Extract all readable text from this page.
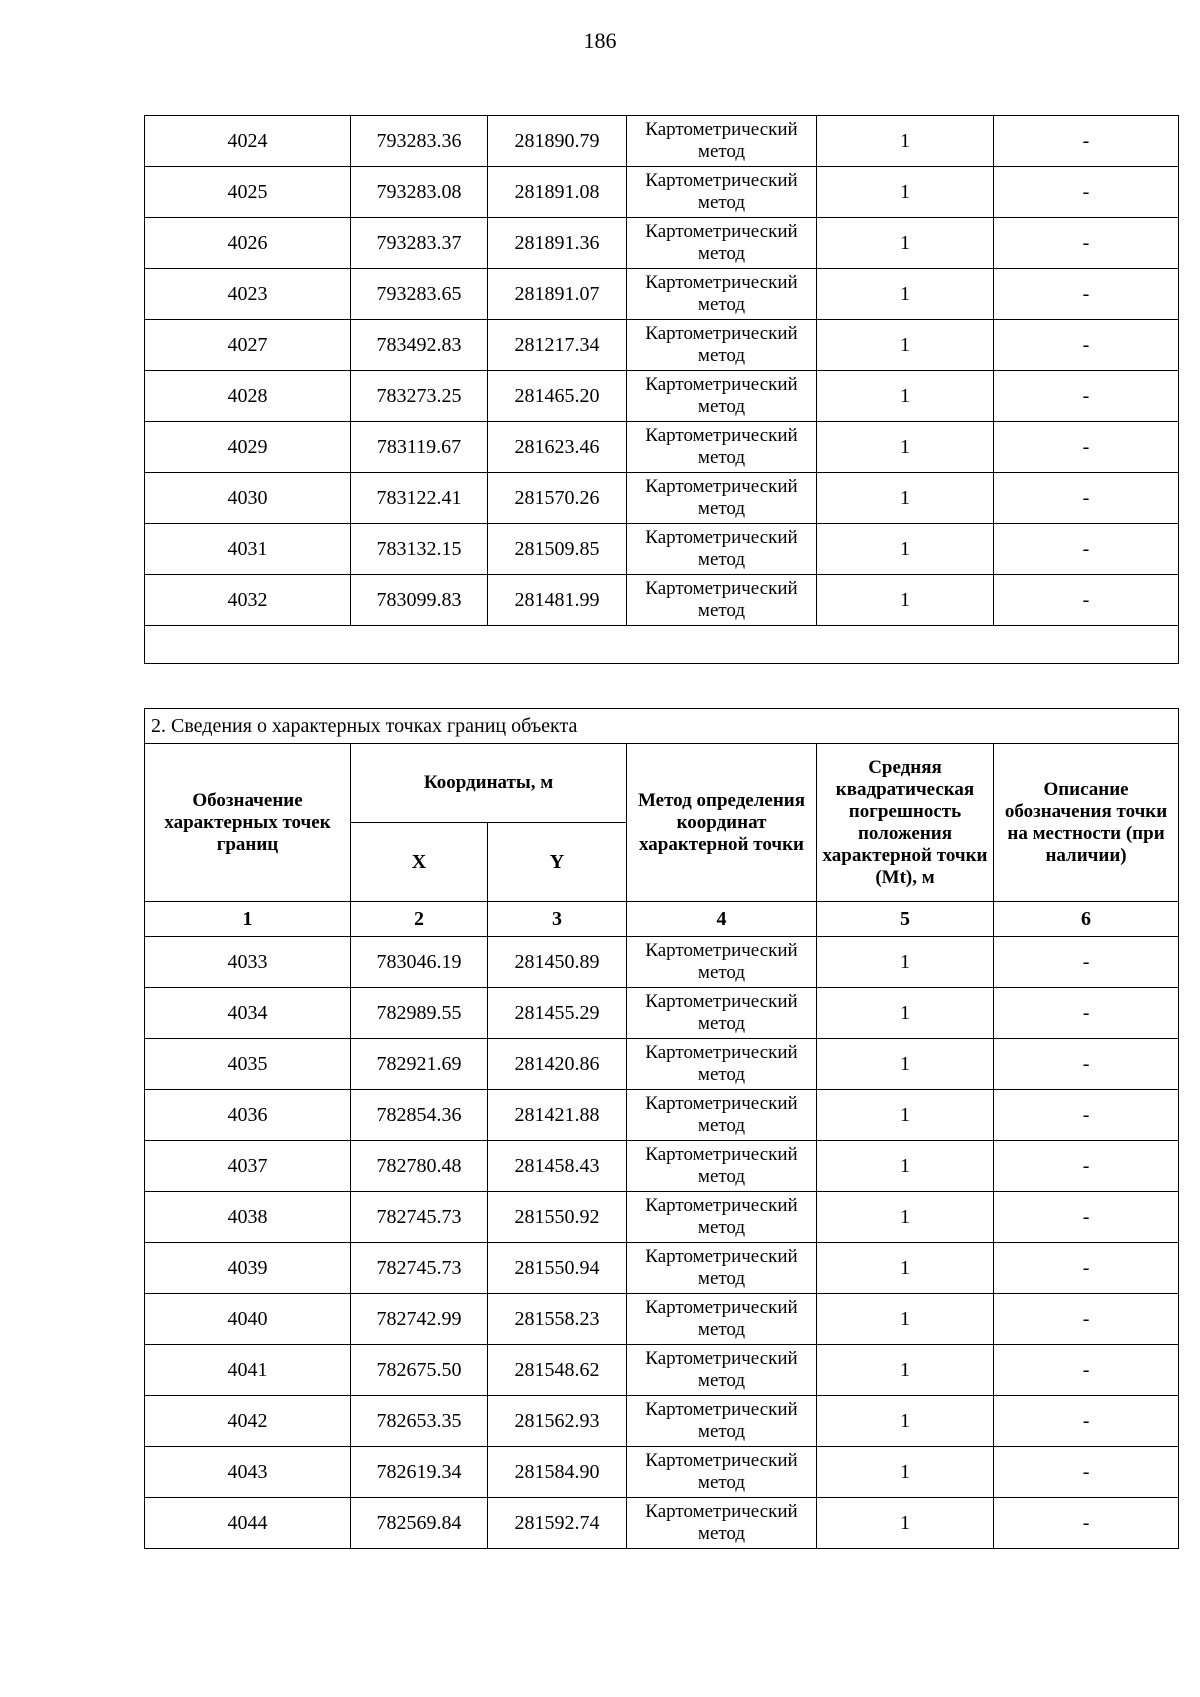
186
4024	793283.36	281890.79	Картометрический метод	1	-
4025	793283.08	281891.08	Картометрический метод	1	-
4026	793283.37	281891.36	Картометрический метод	1	-
4023	793283.65	281891.07	Картометрический метод	1	-
4027	783492.83	281217.34	Картометрический метод	1	-
4028	783273.25	281465.20	Картометрический метод	1	-
4029	783119.67	281623.46	Картометрический метод	1	-
4030	783122.41	281570.26	Картометрический метод	1	-
4031	783132.15	281509.85	Картометрический метод	1	-
4032	783099.83	281481.99	Картометрический метод	1	-

2. Сведения о характерных точках границ объекта					
Обозначение характерных точек границ	Координаты, м		Метод определения координат характерной точки	Средняя квадратическая погрешность положения характерной точки (Mt), м	Описание обозначения точки на местности (при наличии)
	X	Y			
1	2	3	4	5	6
4033	783046.19	281450.89	Картометрический метод	1	-
4034	782989.55	281455.29	Картометрический метод	1	-
4035	782921.69	281420.86	Картометрический метод	1	-
4036	782854.36	281421.88	Картометрический метод	1	-
4037	782780.48	281458.43	Картометрический метод	1	-
4038	782745.73	281550.92	Картометрический метод	1	-
4039	782745.73	281550.94	Картометрический метод	1	-
4040	782742.99	281558.23	Картометрический метод	1	-
4041	782675.50	281548.62	Картометрический метод	1	-
4042	782653.35	281562.93	Картометрический метод	1	-
4043	782619.34	281584.90	Картометрический метод	1	-
4044	782569.84	281592.74	Картометрический метод	1	-
